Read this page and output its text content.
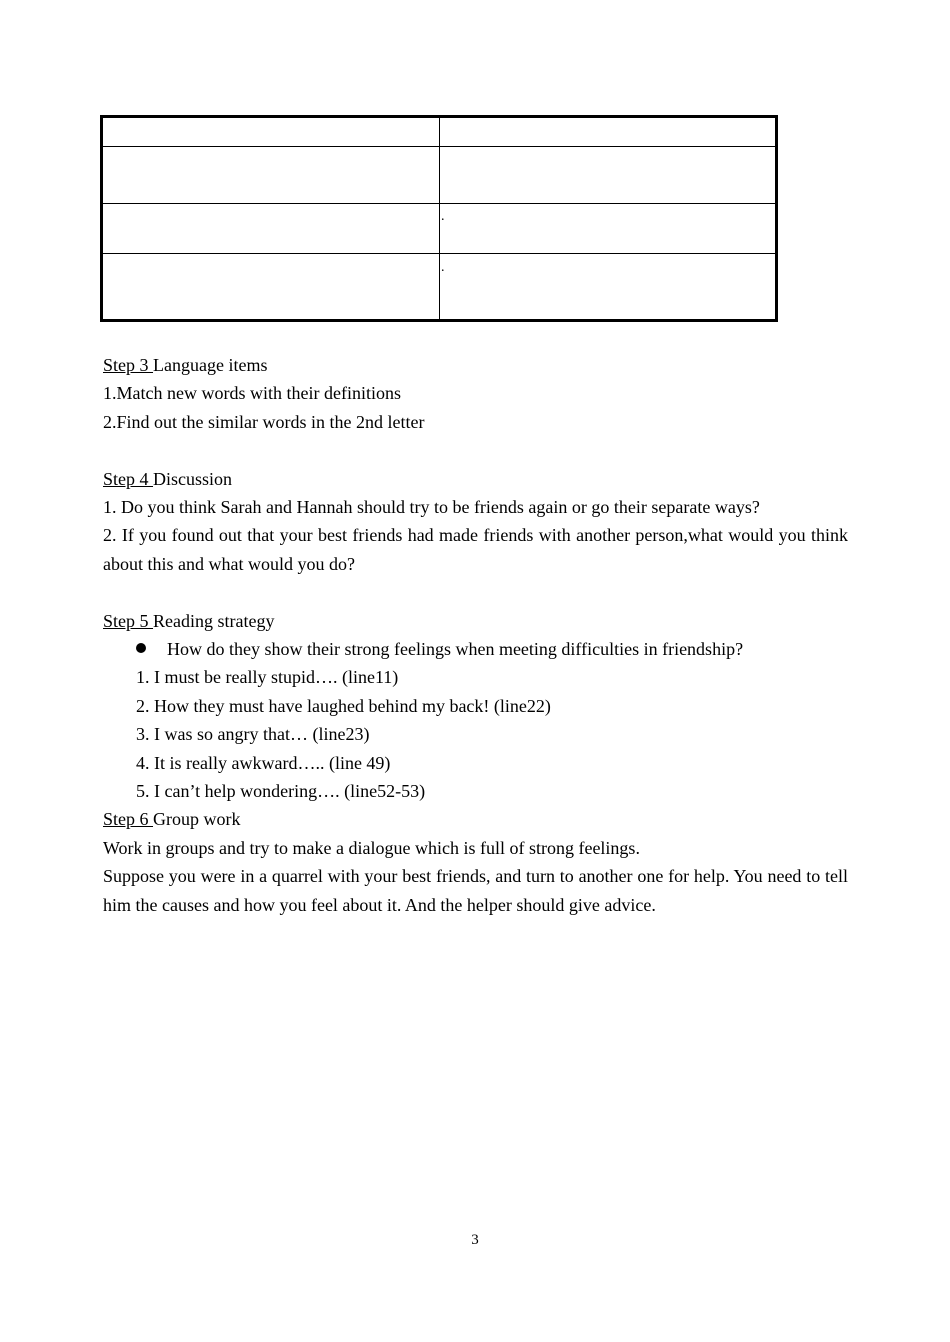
.
.

Step 3 Language items

1.Match new words with their definitions

2.Find out the similar words in the 2nd letter

Step 4 Discussion

1. Do you think Sarah and Hannah should try to be friends again or go their separate ways?

2. If you found out that your best friends had made friends with another person,what would you think about this and what would you do?

Step 5 Reading strategy

How do they show their strong feelings when meeting difficulties in friendship?

1. I must be really stupid…. (line11)

2. How they must have laughed behind my back! (line22)

3. I was so angry that… (line23)

4. It is really awkward….. (line 49)

5. I can’t help wondering…. (line52-53)

Step 6 Group work

Work in groups and try to make a dialogue which is full of strong feelings.

Suppose you were in a quarrel with your best friends, and turn to another one for help. You need to tell him the causes and how you feel about it. And the helper should give advice.

3
